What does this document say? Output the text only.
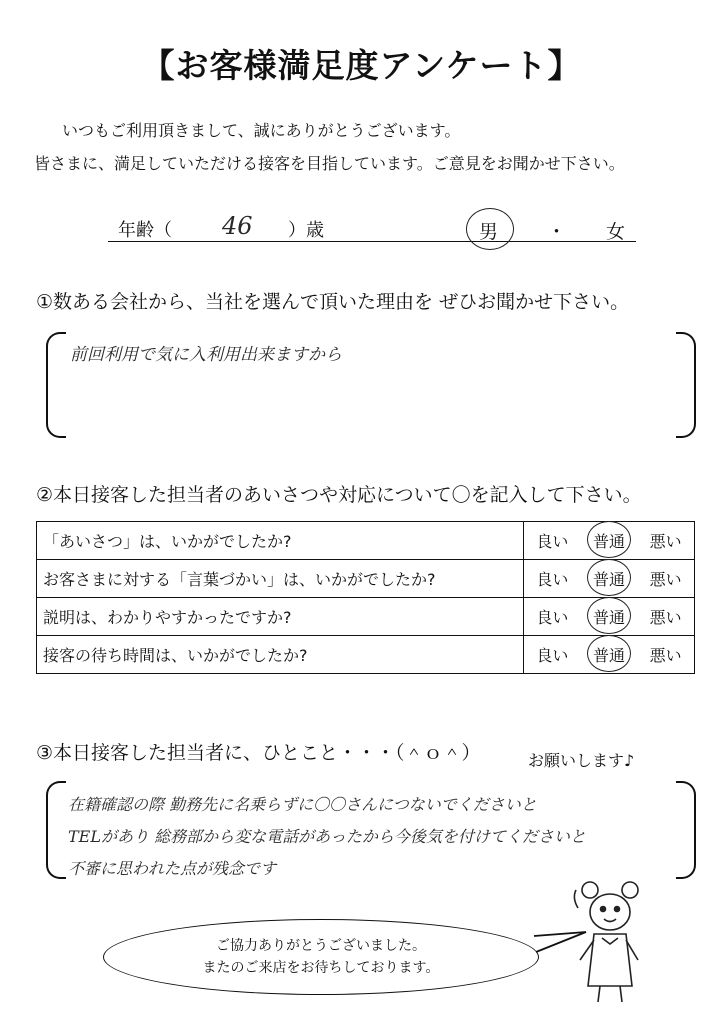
【お客様満足度アンケート】
いつもご利用頂きまして、誠にありがとうございます。
皆さまに、満足していただける接客を目指しています。ご意見をお聞かせ下さい。
年齢（ 46 ）歳	男	・ 女
①数ある会社から、当社を選んで頂いた理由を ぜひお聞かせ下さい。
前回利用で気に入利用出来ますから
②本日接客した担当者のあいさつや対応について〇を記入して下さい。
「あいさつ」は、いかがでしたか?	良い 普通 悪い

お客さまに対する「言葉づかい」は、いかがでしたか?	良い 普通 悪い

説明は、わかりやすかったですか?	良い 普通 悪い

接客の待ち時間は、いかがでしたか?	良い 普通 悪い
③本日接客した担当者に、ひとこと・・・（＾ｏ＾）	お願いします♪
在籍確認の際 勤務先に名乗らずに〇〇さんにつないでくださいと
TELがあり 総務部から変な電話があったから今後気を付けてくださいと
不審に思われた点が残念です
ご協力ありがとうございました。
またのご来店をお待ちしております。
